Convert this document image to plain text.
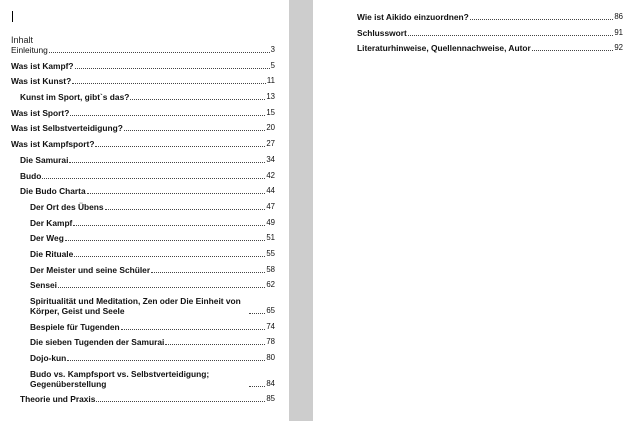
Inhalt
Einleitung	3
Was ist Kampf?	5
Was ist Kunst?	11
Kunst im Sport, gibt`s das?	13
Was ist Sport?	15
Was ist Selbstverteidigung?	20
Was ist Kampfsport?	27
Die Samurai	34
Budo	42
Die Budo Charta	44
Der Ort des Übens	47
Der Kampf	49
Der Weg	51
Die Rituale	55
Der Meister und seine Schüler	58
Sensei	62
Spiritualität und Meditation, Zen oder Die Einheit von Körper, Geist und Seele	65
Bespiele für Tugenden	74
Die sieben Tugenden der Samurai	78
Dojo-kun	80
Budo vs. Kampfsport vs. Selbstverteidigung; Gegenüberstellung	84
Theorie und Praxis	85
Wie ist Aikido einzuordnen?	86
Schlusswort	91
Literaturhinweise, Quellennachweise, Autor	92
